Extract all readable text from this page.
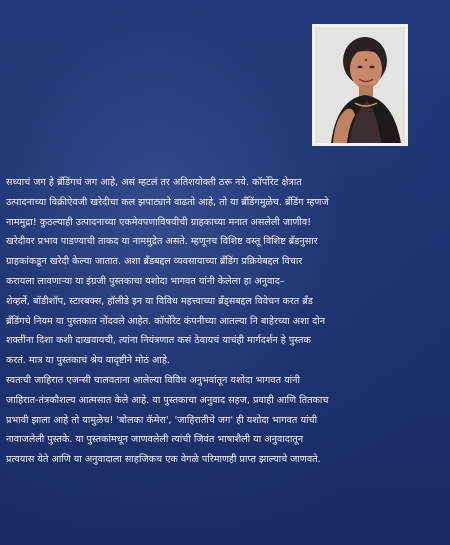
सध्याचं जग हे ब्रँडिंगचं जग आहे, असं म्हटलं तर अतिशयोक्ती ठरू नये. कॉर्पोरेट क्षेत्रात
उत्पादनाच्या विक्रीऐवजी खरेदीचा कल झपाट्याने वाढतो आहे, तो या ब्रँडिंगमुळेच. ब्रँडिंग म्हणजे
नाममुद्रा! कुठल्याही उत्पादनाच्या एकमेवपणाविषयीची ग्राहकाच्या मनात असलेली जाणीव!
खरेदीवर प्रभाव पाडण्याची ताकद या नाममुद्रेत असते. म्हणूनच विशिष्ट वस्तू विशिष्ट ब्रँडनुसार
ग्राहकांकडून खरेदी केल्या जातात. अशा ब्रँडबद्दल व्यवसायाच्या ब्रँडिंग प्रक्रियेबद्दल विचार
करायला लावणाऱ्या या इंग्रजी पुस्तकाचा यशोदा भागवत यांनी केलेला हा अनुवाद–
शेव्हर्ले, बॉडीशॉप, स्टारबक्स, हॉलीडे इन या विविध महत्त्वाच्या ब्रँड्सबद्दल विवेचन करत ब्रँड
ब्रँडिंगचे नियम या पुस्तकात नोंदवले आहेत. कॉर्पोरेट कंपनीच्या आतल्या नि बाहेरच्या अशा दोन
शक्तींना दिशा कशी दाखवायची, त्यांना नियंत्रणात कसं ठेवायचं याचंही मार्गदर्शन हे पुस्तक
करतं. मात्र या पुस्तकाचं श्रेय यादृष्टीने मोठं आहे.
स्वतःची जाहिरात एजन्सी चालवताना आलेल्या विविध अनुभवांतून यशोदा भागवत यांनी
जाहिरात-तंत्रकौशल्य आत्मसात केले आहे. या पुस्तकाचा अनुवाद सहज, प्रवाही आणि तितकाच
प्रभावी झाला आहे तो यामुळेच! 'बोलका कॅमेरा', 'जाहिरातीचे जग' ही यशोदा भागवत यांची
नावाजलेली पुस्तके. या पुस्तकांमधून जाणवलेली त्यांची जिवंत भाषाशैली या अनुवादातून
प्रत्ययास येते आणि या अनुवादाला साहजिकच एक वेगळे परिमाणही प्राप्त झाल्याचे जाणवते.
